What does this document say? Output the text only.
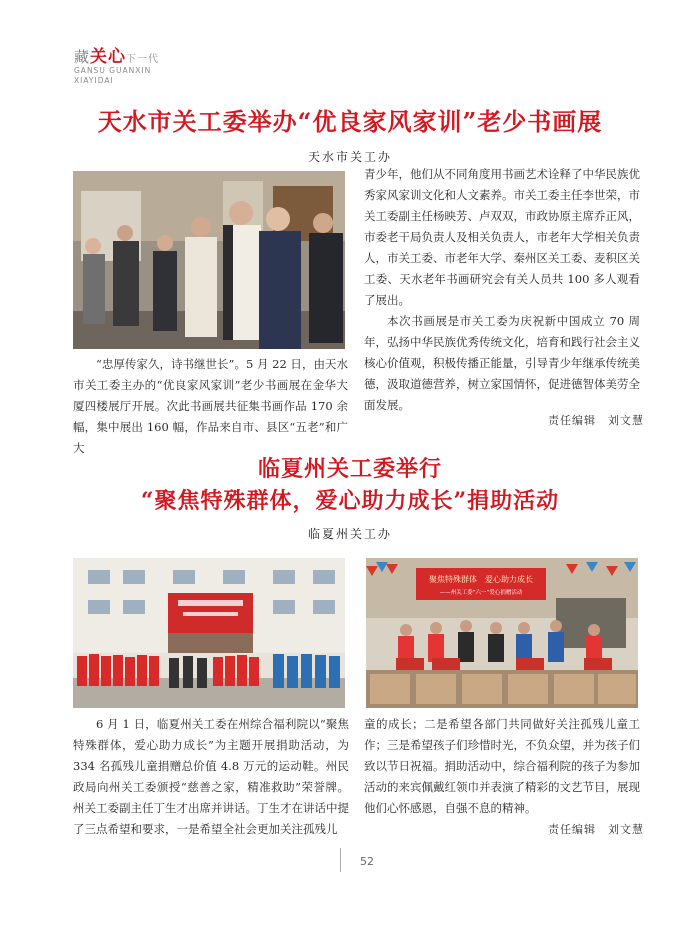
藏关心下一代
GANSU GUANXIN
XIAYIDAI
天水市关工委举办“优良家风家训”老少书画展
天水市关工办
“忠厚传家久，诗书继世长”。5 月 22 日，由天水市关工委主办的“优良家风家训”老少书画展在金华大厦四楼展厅开展。次此书画展共征集书画作品 170 余幅，集中展出 160 幅，作品来自市、县区“五老”和广大
青少年，他们从不同角度用书画艺术诠释了中华民族优秀家风家训文化和人文素养。市关工委主任李世荣，市关工委副主任杨映芳、卢双双，市政协原主席乔正风，市委老干局负责人及相关负责人，市老年大学相关负责人，市关工委、市老年大学、秦州区关工委、麦积区关工委、天水老年书画研究会有关人员共 100 多人观看了展出。
本次书画展是市关工委为庆祝新中国成立 70 周年，弘扬中华民族优秀传统文化，培育和践行社会主义核心价值观，积极传播正能量，引导青少年继承传统美德，汲取道德营养，树立家国情怀，促进德智体美劳全面发展。
责任编辑　刘文慧
临夏州关工委举行
“聚焦特殊群体，爱心助力成长”捐助活动
临夏州关工办
聚焦特殊群体　爱心助力成长
——州关工委“六一”爱心捐赠活动
6 月 1 日，临夏州关工委在州综合福利院以“聚焦特殊群体，爱心助力成长”为主题开展捐助活动，为 334 名孤残儿童捐赠总价值 4.8 万元的运动鞋。州民政局向州关工委颁授“慈善之家，精准救助”荣誉牌。州关工委副主任丁生才出席并讲话。丁生才在讲话中提了三点希望和要求，一是希望全社会更加关注孤残儿
童的成长；二是希望各部门共同做好关注孤残儿童工作；三是希望孩子们珍惜时光，不负众望，并为孩子们致以节日祝福。捐助活动中，综合福利院的孩子为参加活动的来宾佩戴红领巾并表演了精彩的文艺节目，展现他们心怀感恩，自强不息的精神。
责任编辑　刘文慧
52
